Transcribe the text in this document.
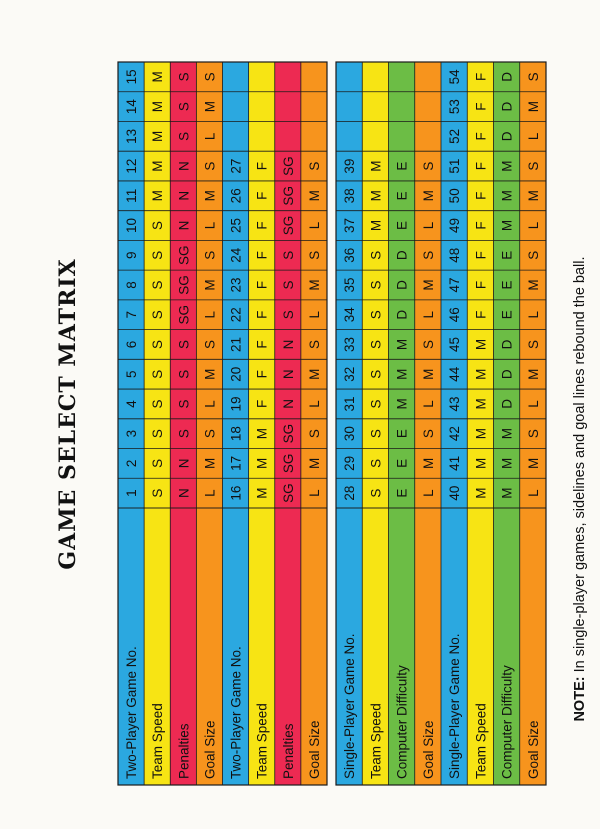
GAME SELECT MATRIX
Two-Player Game No.
1
2
3
4
5
6
7
8
9
10
11
12
13
14
15
Team Speed
S
S
S
S
S
S
S
S
S
S
M
M
M
M
M
Penalties
N
N
S
S
S
S
SG
SG
SG
N
N
N
S
S
S
Goal Size
L
M
S
L
M
S
L
M
S
L
M
S
L
M
S
Two-Player Game No.
16
17
18
19
20
21
22
23
24
25
26
27
Team Speed
M
M
M
F
F
F
F
F
F
F
F
F
Penalties
SG
SG
SG
N
N
N
S
S
S
SG
SG
SG
Goal Size
L
M
S
L
M
S
L
M
S
L
M
S
Single-Player Game No.
28
29
30
31
32
33
34
35
36
37
38
39
Team Speed
S
S
S
S
S
S
S
S
S
M
M
M
Computer Difficulty
E
E
E
M
M
M
D
D
D
E
E
E
Goal Size
L
M
S
L
M
S
L
M
S
L
M
S
Single-Player Game No.
40
41
42
43
44
45
46
47
48
49
50
51
52
53
54
Team Speed
M
M
M
M
M
M
F
F
F
F
F
F
F
F
F
Computer Difficulty
M
M
M
D
D
D
E
E
E
M
M
M
D
D
D
Goal Size
L
M
S
L
M
S
L
M
S
L
M
S
L
M
S
NOTE: In single-player games, sidelines and goal lines rebound the ball.
